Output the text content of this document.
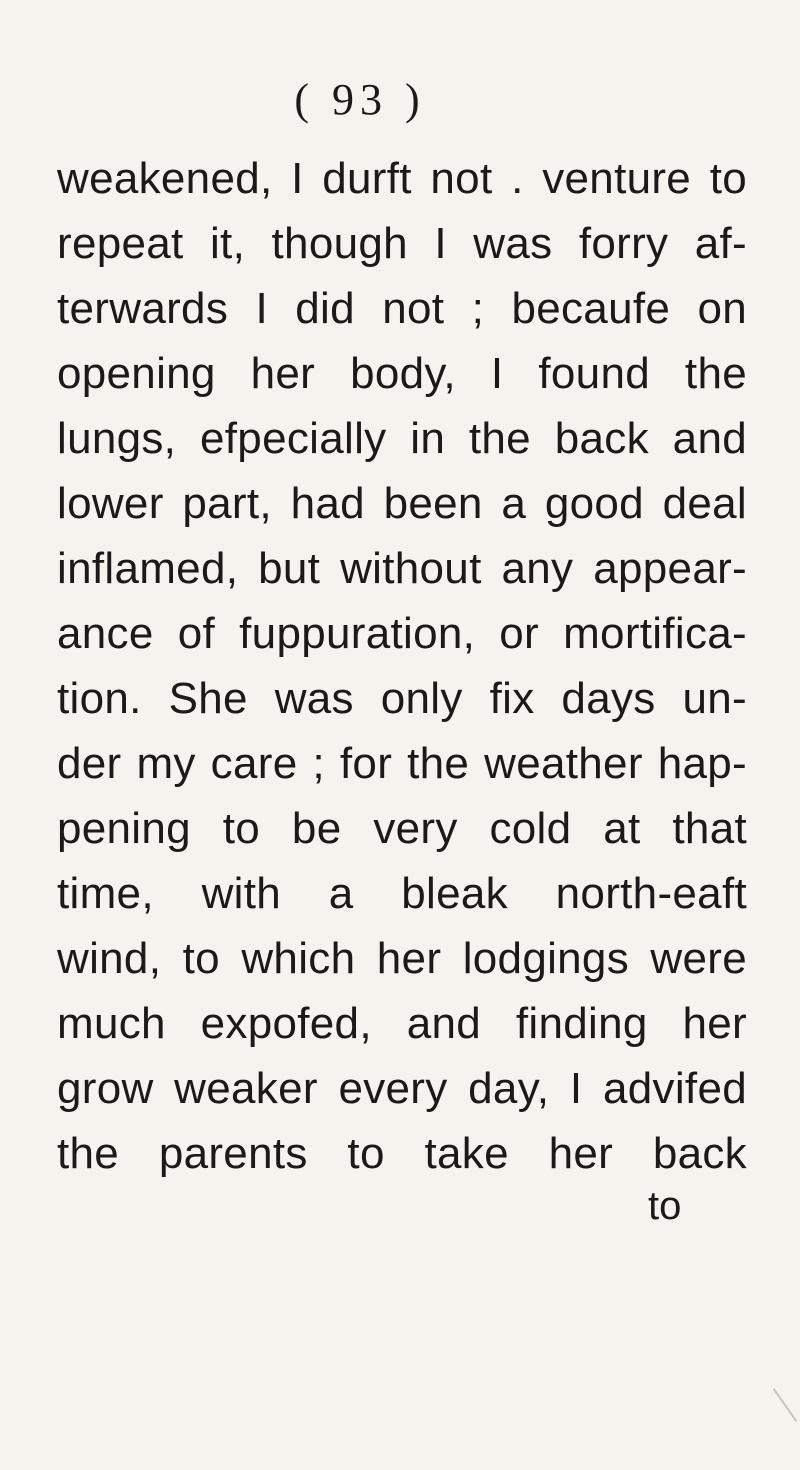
( 93 )
weakened, I durft not . venture to
repeat it, though I was forry af-
terwards I did not ; becaufe on
opening her body, I found the
lungs, efpecially in the back and
lower part, had been a good deal
inflamed, but without any appear-
ance of fuppuration, or mortifica-
tion. She was only fix days un-
der my care ; for the weather hap-
pening to be very cold at that
time, with a bleak north-eaft
wind, to which her lodgings were
much expofed, and finding her
grow weaker every day, I advifed
the parents to take her back
to
